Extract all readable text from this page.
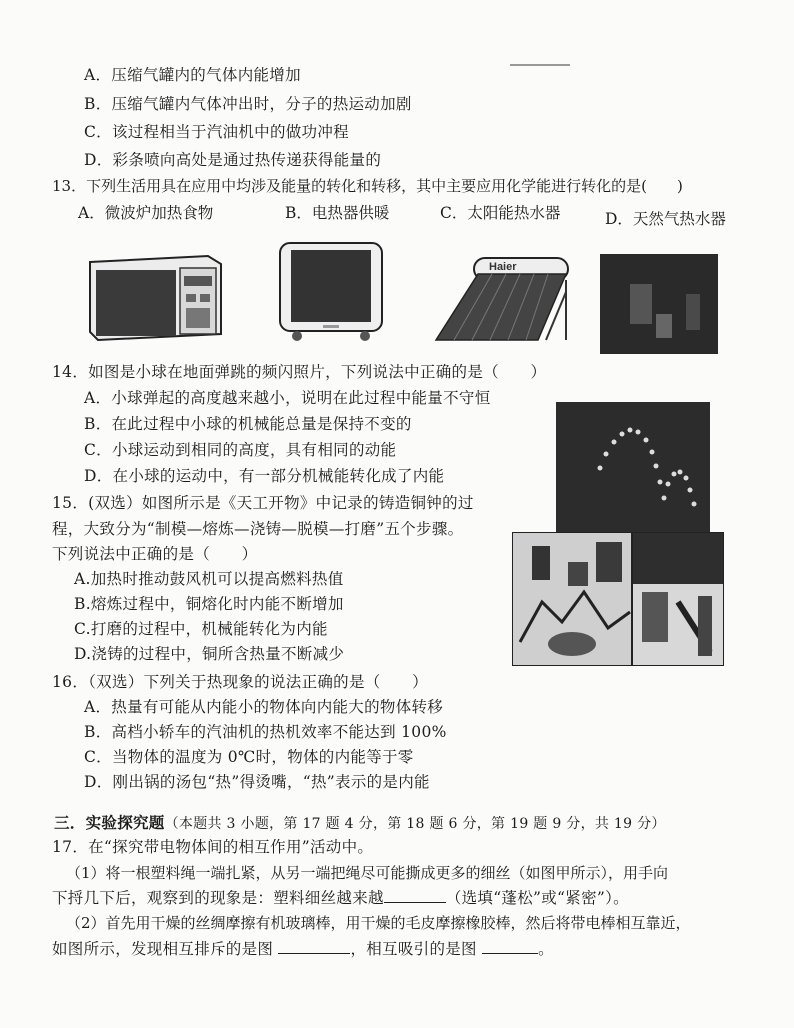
A．压缩气罐内的气体内能增加
B．压缩气罐内气体冲出时，分子的热运动加剧
C．该过程相当于汽油机中的做功冲程
D．彩条喷向高处是通过热传递获得能量的
13．下列生活用具在应用中均涉及能量的转化和转移，其中主要应用化学能进行转化的是(　　)
A．微波炉加热食物	B．电热器供暖	C．太阳能热水器	D．天然气热水器
Haier
14．如图是小球在地面弹跳的频闪照片，下列说法中正确的是（　　）
A．小球弹起的高度越来越小，说明在此过程中能量不守恒
B．在此过程中小球的机械能总量是保持不变的
C．小球运动到相同的高度，具有相同的动能
D．在小球的运动中，有一部分机械能转化成了内能
15．(双选）如图所示是《天工开物》中记录的铸造铜钟的过
程，大致分为“制模—熔炼—浇铸—脱模—打磨”五个步骤。
下列说法中正确的是（　　）
A.加热时推动鼓风机可以提高燃料热值
B.熔炼过程中，铜熔化时内能不断增加
C.打磨的过程中，机械能转化为内能
D.浇铸的过程中，铜所含热量不断减少
16．（双选）下列关于热现象的说法正确的是（　　）
A．热量有可能从内能小的物体向内能大的物体转移
B．高档小轿车的汽油机的热机效率不能达到 100%
C．当物体的温度为 0℃时，物体的内能等于零
D．刚出锅的汤包“热”得烫嘴，“热”表示的是内能
三．实验探究题（本题共 3 小题，第 17 题 4 分，第 18 题 6 分，第 19 题 9 分，共 19 分）
17．在“探究带电物体间的相互作用”活动中。
（1）将一根塑料绳一端扎紧，从另一端把绳尽可能撕成更多的细丝（如图甲所示），用手向
下捋几下后，观察到的现象是：塑料细丝越来越	（选填“蓬松”或“紧密”）。
（2）首先用干燥的丝绸摩擦有机玻璃棒，用干燥的毛皮摩擦橡胶棒，然后将带电棒相互靠近，
如图所示，发现相互排斥的是图	，相互吸引的是图	。
